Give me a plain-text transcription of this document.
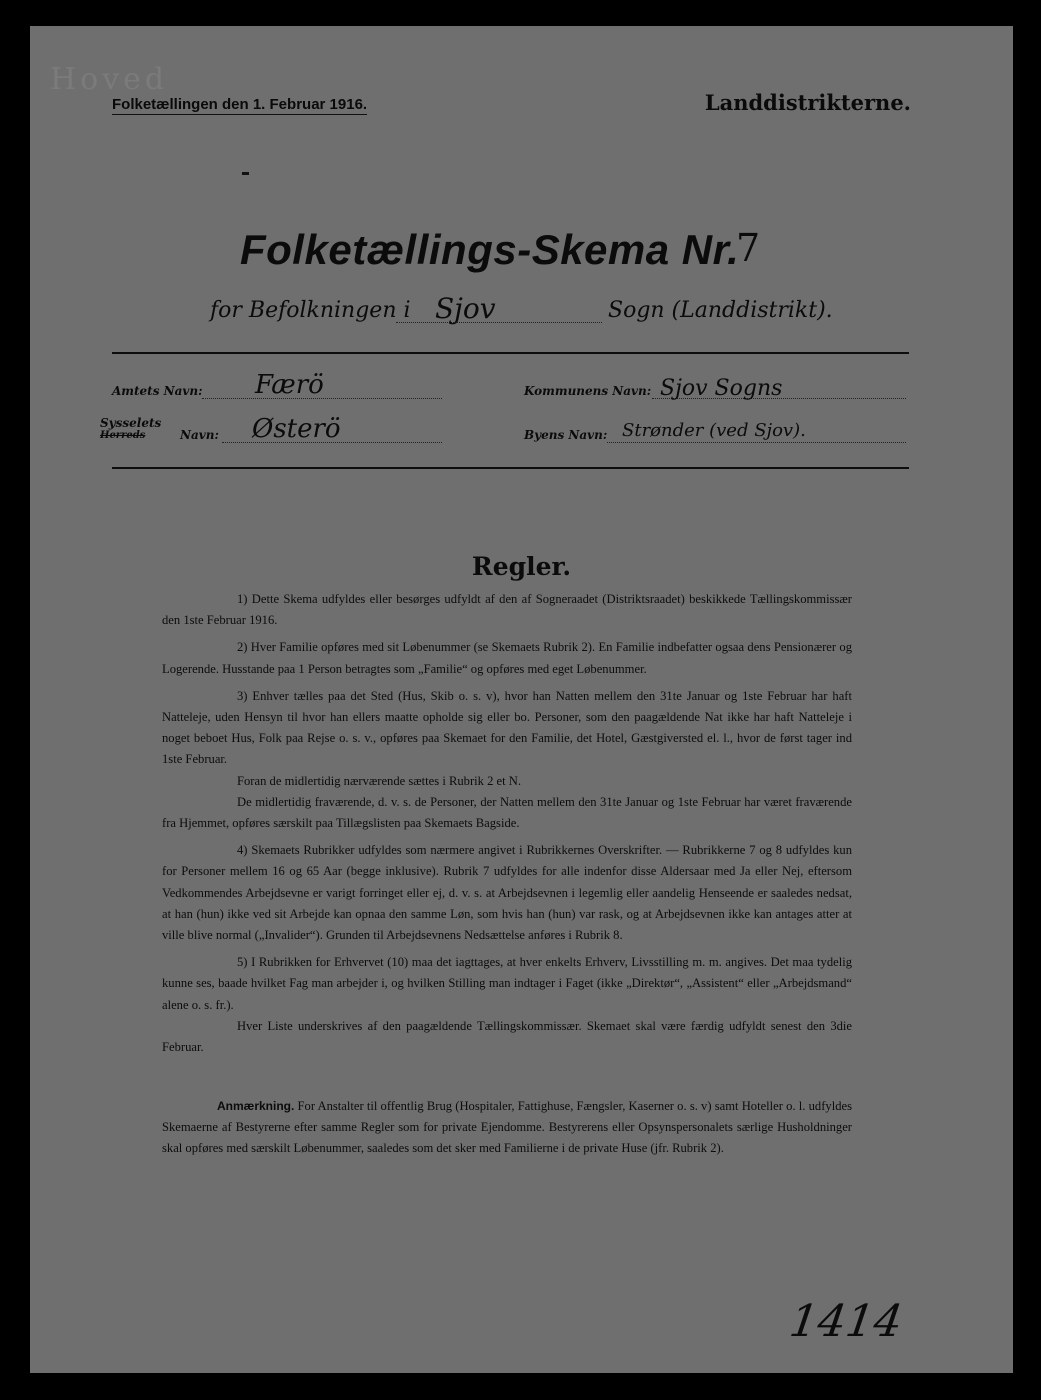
Hoved
Folketællingen den 1. Februar 1916.	Landdistrikterne.
Folketællings-Skema Nr.
7
for Befolkningen i Sjov	Sogn (Landdistrikt).
Amtets Navn: Færö	Kommunens Navn: Sjov Sogns
Sysselets
Herreds	Navn: Østerö	Byens Navn: Strønder (ved Sjov).
Regler.

1) Dette Skema udfyldes eller besørges udfyldt af den af Sogneraadet (Distriktsraadet) beskikkede Tællingskommissær den 1ste Februar 1916.

2) Hver Familie opføres med sit Løbenummer (se Skemaets Rubrik 2). En Familie indbefatter ogsaa dens Pensionærer og Logerende. Husstande paa 1 Person betragtes som „Familie“ og opføres med eget Løbenummer.

3) Enhver tælles paa det Sted (Hus, Skib o. s. v), hvor han Natten mellem den 31te Januar og 1ste Februar har haft Natteleje, uden Hensyn til hvor han ellers maatte opholde sig eller bo. Personer, som den paagældende Nat ikke har haft Natteleje i noget beboet Hus, Folk paa Rejse o. s. v., opføres paa Skemaet for den Familie, det Hotel, Gæstgiversted el. l., hvor de først tager ind 1ste Februar.

Foran de midlertidig nærværende sættes i Rubrik 2 et N.

De midlertidig fraværende, d. v. s. de Personer, der Natten mellem den 31te Januar og 1ste Februar har været fraværende fra Hjemmet, opføres særskilt paa Tillægslisten paa Skemaets Bagside.

4) Skemaets Rubrikker udfyldes som nærmere angivet i Rubrikkernes Overskrifter. — Rubrikkerne 7 og 8 udfyldes kun for Personer mellem 16 og 65 Aar (begge inklusive). Rubrik 7 udfyldes for alle indenfor disse Aldersaar med Ja eller Nej, eftersom Vedkommendes Arbejdsevne er varigt forringet eller ej, d. v. s. at Arbejdsevnen i legemlig eller aandelig Henseende er saaledes nedsat, at han (hun) ikke ved sit Arbejde kan opnaa den samme Løn, som hvis han (hun) var rask, og at Arbejdsevnen ikke kan antages atter at ville blive normal („Invalider“). Grunden til Arbejdsevnens Nedsættelse anføres i Rubrik 8.

5) I Rubrikken for Erhvervet (10) maa det iagttages, at hver enkelts Erhverv, Livsstilling m. m. angives. Det maa tydelig kunne ses, baade hvilket Fag man arbejder i, og hvilken Stilling man indtager i Faget (ikke „Direktør“, „Assistent“ eller „Arbejdsmand“ alene o. s. fr.).

Hver Liste underskrives af den paagældende Tællingskommissær. Skemaet skal være færdig udfyldt senest den 3die Februar.

Anmærkning. For Anstalter til offentlig Brug (Hospitaler, Fattighuse, Fængsler, Kaserner o. s. v) samt Hoteller o. l. udfyldes Skemaerne af Bestyrerne efter samme Regler som for private Ejendomme. Bestyrerens eller Opsynspersonalets særlige Husholdninger skal opføres med særskilt Løbenummer, saaledes som det sker med Familierne i de private Huse (jfr. Rubrik 2).
1414
